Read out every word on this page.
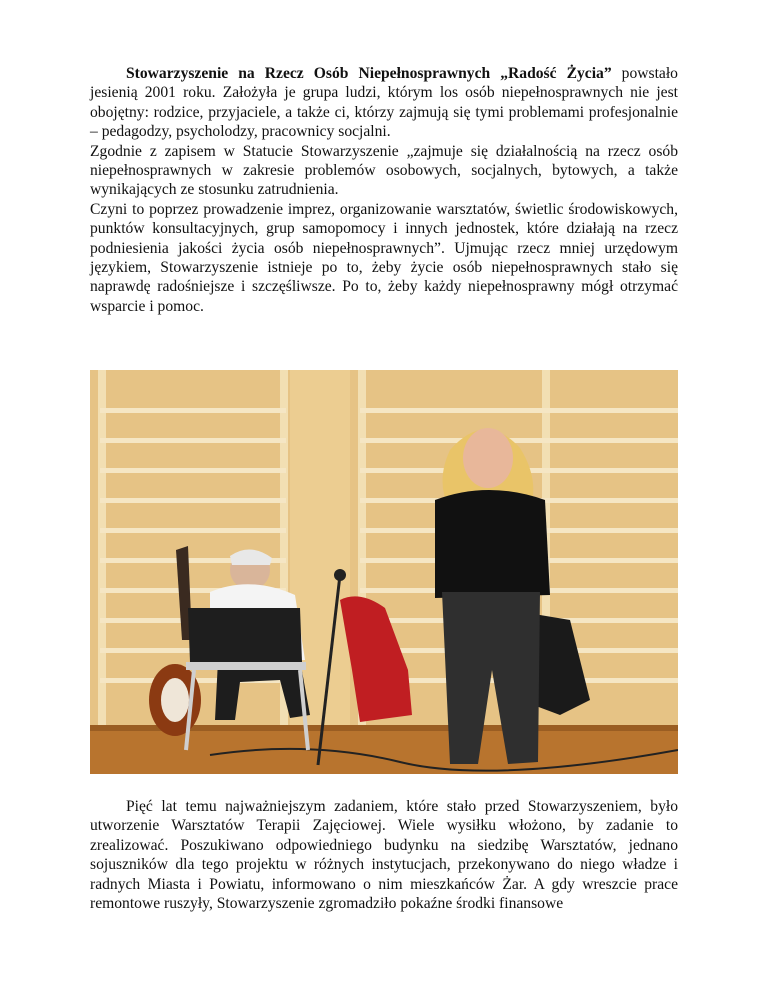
Stowarzyszenie na Rzecz Osób Niepełnosprawnych „Radość Życia” powstało jesienią 2001 roku. Założyła je grupa ludzi, którym los osób niepełnosprawnych nie jest obojętny: rodzice, przyjaciele, a także ci, którzy zajmują się tymi problemami profesjonalnie – pedagodzy, psycholodzy, pracownicy socjalni.

Zgodnie z zapisem w Statucie Stowarzyszenie „zajmuje się działalnością na rzecz osób niepełnosprawnych w zakresie problemów osobowych, socjalnych, bytowych, a także wynikających ze stosunku zatrudnienia.

Czyni to poprzez prowadzenie imprez, organizowanie warsztatów, świetlic środowiskowych, punktów konsultacyjnych, grup samopomocy i innych jednostek, które działają na rzecz podniesienia jakości życia osób niepełnosprawnych”. Ujmując rzecz mniej urzędowym językiem, Stowarzyszenie istnieje po to, żeby życie osób niepełnosprawnych stało się naprawdę radośniejsze i szczęśliwsze. Po to, żeby każdy niepełnosprawny mógł otrzymać wsparcie i pomoc.

Pięć lat temu najważniejszym zadaniem, które stało przed Stowarzyszeniem, było utworzenie Warsztatów Terapii Zajęciowej. Wiele wysiłku włożono, by zadanie to zrealizować. Poszukiwano odpowiedniego budynku na siedzibę Warsztatów, jednano sojuszników dla tego projektu w różnych instytucjach, przekonywano do niego władze i radnych Miasta i Powiatu, informowano o nim mieszkańców Żar. A gdy wreszcie prace remontowe ruszyły, Stowarzyszenie zgromadziło pokaźne środki finansowe
